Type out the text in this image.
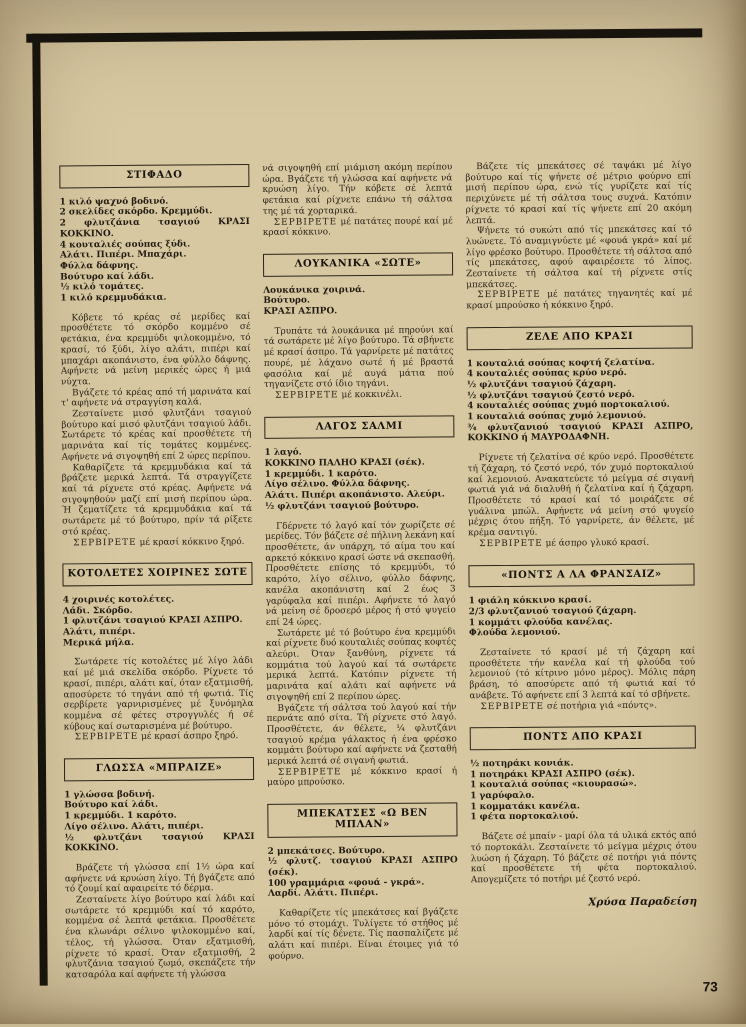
ΣΤΙΦΑΔΟ

1 κιλό ψαχνό βοδινό.

2 σκελίδες σκόρδο. Κρεμμύδι.

2 φλυτζάνια τσαγιού ΚΡΑΣΙ ΚΟΚΚΙΝΟ.

4 κουταλιές σούπας ξύδι.

Αλάτι. Πιπέρι. Μπαχάρι.

Φύλλα δάφνης.

Βούτυρο καί λάδι.

½ κιλό τομάτες.

1 κιλό κρεμμυδάκια.

Κόβετε τό κρέας σέ μερίδες καί προσθέτετε τό σκόρδο κομμένο σέ φετάκια, ένα κρεμμύδι ψιλοκομμένο, τό κρασί, τό ξύδι, λίγο αλάτι, πιπέρι καί μπαχάρι ακοπάνιστο, ένα φύλλο δάφνης. Αφήνετε νά μείνη μερικές ώρες ή μιά νύχτα.

Βγάζετε τό κρέας από τή μαρινάτα καί τ' αφήνετε νά στραγγίση καλά.

Ζεσταίνετε μισό φλυτζάνι τσαγιού βούτυρο καί μισό φλυτζάνι τσαγιού λάδι. Σωτάρετε τό κρέας καί προσθέτετε τή μαρινάτα καί τίς τομάτες κομμένες. Αφήνετε νά σιγοψηθή επί 2 ώρες περίπου.

Καθαρίζετε τά κρεμμυδάκια καί τά βράζετε μερικά λεπτά. Τά στραγγίζετε καί τά ρίχνετε στό κρέας. Αφήνετε νά σιγοψηθούν μαζί επί μισή περίπου ώρα. Ή ζεματίζετε τά κρεμμυδάκια καί τά σωτάρετε μέ τό βούτυρο, πρίν τά ρίξετε στό κρέας.

ΣΕΡΒΙΡΕΤΕ μέ κρασί κόκκινο ξηρό.

ΚΟΤΟΛΕΤΕΣ ΧΟΙΡΙΝΕΣ ΣΩΤΕ

4 χοιρινές κοτολέτες.

Λάδι. Σκόρδο.

1 φλυτζάνι τσαγιού ΚΡΑΣΙ ΑΣΠΡΟ.

Αλάτι, πιπέρι.

Μερικά μήλα.

Σωτάρετε τίς κοτολέτες μέ λίγο λάδι καί μέ μιά σκελίδα σκόρδο. Ρίχνετε τό κρασί, πιπέρι, αλάτι καί, όταν εξατμισθή, αποσύρετε τό τηγάνι από τή φωτιά. Τίς σερβίρετε γαρνιρισμένες μέ ξυνόμηλα κομμένα σέ φέτες στρογγυλές ή σέ κύβους καί σωταρισμένα μέ βούτυρο.

ΣΕΡΒΙΡΕΤΕ μέ κρασί άσπρο ξηρό.

ΓΛΩΣΣΑ «ΜΠΡΑΙΖΕ»

1 γλώσσα βοδινή.

Βούτυρο καί λάδι.

1 κρεμμύδι. 1 καρότο.

Λίγο σέλινο. Αλάτι, πιπέρι.

½ φλυτζάνι τσαγιού ΚΡΑΣΙ ΚΟΚΚΙΝΟ.

Βράζετε τή γλώσσα επί 1½ ώρα καί αφήνετε νά κρυώση λίγο. Τή βγάζετε από τό ζουμί καί αφαιρείτε τό δέρμα.

Ζεσταίνετε λίγο βούτυρο καί λάδι καί σωτάρετε τό κρεμμύδι καί τό καρότο, κομμένα σέ λεπτά φετάκια. Προσθέτετε ένα κλωνάρι σέλινο ψιλοκομμένο καί, τέλος, τή γλώσσα. Όταν εξατμισθή, ρίχνετε τό κρασί. Όταν εξατμισθή, 2 φλυτζάνια τσαγιού ζωμό, σκεπάζετε τήν κατσαρόλα καί αφήνετε τή γλώσσα

νά σιγοψηθή επί μιάμιση ακόμη περίπου ώρα. Βγάζετε τή γλώσσα καί αφήνετε νά κρυώση λίγο. Τήν κόβετε σέ λεπτά φετάκια καί ρίχνετε επάνω τή σάλτσα της μέ τά χορταρικά.

ΣΕΡΒΙΡΕΤΕ μέ πατάτες πουρέ καί μέ κρασί κόκκινο.

ΛΟΥΚΑΝΙΚΑ «ΣΩΤΕ»

Λουκάνικα χοιρινά.

Βούτυρο.

ΚΡΑΣΙ ΑΣΠΡΟ.

Τρυπάτε τά λουκάνικα μέ πηρούνι καί τά σωτάρετε μέ λίγο βούτυρο. Τά σβήνετε μέ κρασί άσπρο. Τά γαρνίρετε μέ πατάτες πουρέ, μέ λάχανο σωτέ ή μέ βραστά φασόλια καί μέ αυγά μάτια πού τηγανίζετε στό ίδιο τηγάνι.

ΣΕΡΒΙΡΕΤΕ μέ κοκκινέλι.

ΛΑΓΟΣ ΣΑΛΜΙ

1 λαγό.

ΚΟΚΚΙΝΟ ΠΑΛΗΟ ΚΡΑΣΙ (σέκ).

1 κρεμμύδι. 1 καρότο.

Λίγο σέλινο. Φύλλα δάφνης.

Αλάτι. Πιπέρι ακοπάνιστο. Αλεύρι.

½ φλυτζάνι τσαγιού βούτυρο.

Γδέρνετε τό λαγό καί τόν χωρίζετε σέ μερίδες. Τόν βάζετε σέ πήλινη λεκάνη καί προσθέτετε, άν υπάρχη, τό αίμα του καί αρκετό κόκκινο κρασί ώστε νά σκεπασθή. Προσθέτετε επίσης τό κρεμμύδι, τό καρότο, λίγο σέλινο, φύλλο δάφνης, κανέλα ακοπάνιστη καί 2 έως 3 γαρύφαλα καί πιπέρι. Αφήνετε τό λαγό νά μείνη σέ δροσερό μέρος ή στό ψυγείο επί 24 ώρες.

Σωτάρετε μέ τό βούτυρο ένα κρεμμύδι καί ρίχνετε δυό κουταλιές σούπας κοφτές αλεύρι. Όταν ξανθύνη, ρίχνετε τά κομμάτια τού λαγού καί τά σωτάρετε μερικά λεπτά. Κατόπιν ρίχνετε τή μαρινάτα καί αλάτι καί αφήνετε νά σιγοψηθή επί 2 περίπου ώρες.

Βγάζετε τή σάλτσα τού λαγού καί τήν περνάτε από σίτα. Τή ρίχνετε στό λαγό. Προσθέτετε, άν θέλετε, ¼ φλυτζάνι τσαγιού κρέμα γάλακτος ή ένα φρέσκο κομμάτι βούτυρο καί αφήνετε νά ζεσταθή μερικά λεπτά σέ σιγανή φωτιά.

ΣΕΡΒΙΡΕΤΕ μέ κόκκινο κρασί ή μαύρο μπρούσκο.

ΜΠΕΚΑΤΣΕΣ «Ω ΒΕΝ ΜΠΛΑΝ»

2 μπεκάτσες. Βούτυρο.

½ φλυτζ. τσαγιού ΚΡΑΣΙ ΑΣΠΡΟ (σέκ).

100 γραμμάρια «φουά - γκρά».

Λαρδί. Αλάτι. Πιπέρι.

Καθαρίζετε τίς μπεκάτσες καί βγάζετε μόνο τό στομάχι. Τυλίγετε τό στήθος μέ λαρδί καί τίς δένετε. Τίς πασπαλίζετε μέ αλάτι καί πιπέρι. Είναι έτοιμες γιά τό φούρνο.

Βάζετε τίς μπεκάτσες σέ ταψάκι μέ λίγο βούτυρο καί τίς ψήνετε σέ μέτριο φούρνο επί μισή περίπου ώρα, ενώ τίς γυρίζετε καί τίς περιχύνετε μέ τή σάλτσα τους συχνά. Κατόπιν ρίχνετε τό κρασί καί τίς ψήνετε επί 20 ακόμη λεπτά.

Ψήνετε τό συκώτι από τίς μπεκάτσες καί τό λυώνετε. Τό αναμιγνύετε μέ «φουά γκρά» καί μέ λίγο φρέσκο βούτυρο. Προσθέτετε τή σάλτσα από τίς μπεκάτσες, αφού αφαιρέσετε τό λίπος. Ζεσταίνετε τή σάλτσα καί τή ρίχνετε στίς μπεκάτσες.

ΣΕΡΒΙΡΕΤΕ μέ πατάτες τηγανητές καί μέ κρασί μπρούσκο ή κόκκινο ξηρό.

ΖΕΛΕ ΑΠΟ ΚΡΑΣΙ

1 κουταλιά σούπας κοφτή ζελατίνα.

4 κουταλιές σούπας κρύο νερό.

½ φλυτζάνι τσαγιού ζάχαρη.

½ φλυτζάνι τσαγιού ζεστό νερό.

4 κουταλιές σούπας χυμό πορτοκαλιού.

1 κουταλιά σούπας χυμό λεμονιού.

¾ φλυτζανιού τσαγιού ΚΡΑΣΙ ΑΣΠΡΟ, ΚΟΚΚΙΝΟ ή ΜΑΥΡΟΔΑΦΝΗ.

Ρίχνετε τή ζελατίνα σέ κρύο νερό. Προσθέτετε τή ζάχαρη, τό ζεστό νερό, τόν χυμό πορτοκαλιού καί λεμονιού. Ανακατεύετε τό μείγμα σέ σιγανή φωτιά γιά νά διαλυθή ή ζελατίνα καί ή ζάχαρη. Προσθέτετε τό κρασί καί τό μοιράζετε σέ γυάλινα μπώλ. Αφήνετε νά μείνη στό ψυγείο μέχρις ότου πήξη. Τό γαρνίρετε, άν θέλετε, μέ κρέμα σαντιγύ.

ΣΕΡΒΙΡΕΤΕ μέ άσπρο γλυκό κρασί.

«ΠΟΝΤΣ Α ΛΑ ΦΡΑΝΣΑΙΖ»

1 φιάλη κόκκινο κρασί.

2/3 φλυτζανιού τσαγιού ζάχαρη.

1 κομμάτι φλούδα κανέλας.

Φλούδα λεμονιού.

Ζεσταίνετε τό κρασί μέ τή ζάχαρη καί προσθέτετε τήν κανέλα καί τή φλούδα τού λεμονιού (τό κίτρινο μόνο μέρος). Μόλις πάρη βράση, τό αποσύρετε από τή φωτιά καί τό ανάβετε. Τό αφήνετε επί 3 λεπτά καί τό σβήνετε.

ΣΕΡΒΙΡΕΤΕ σέ ποτήρια γιά «πόντς».

ΠΟΝΤΣ ΑΠΟ ΚΡΑΣΙ

½ ποτηράκι κονιάκ.

1 ποτηράκι ΚΡΑΣΙ ΑΣΠΡΟ (σέκ).

1 κουταλιά σούπας «κιουρασώ».

1 γαρύφαλο.

1 κομματάκι κανέλα.

1 φέτα πορτοκαλιού.

Βάζετε σέ μπαίν - μαρί όλα τά υλικά εκτός από τό πορτοκάλι. Ζεσταίνετε τό μείγμα μέχρις ότου λυώση ή ζάχαρη. Τό βάζετε σέ ποτήρι γιά πόντς καί προσθέτετε τή φέτα πορτοκαλιού. Απογεμίζετε τό ποτήρι μέ ζεστό νερό.

Χρύσα Παραδείση
73
